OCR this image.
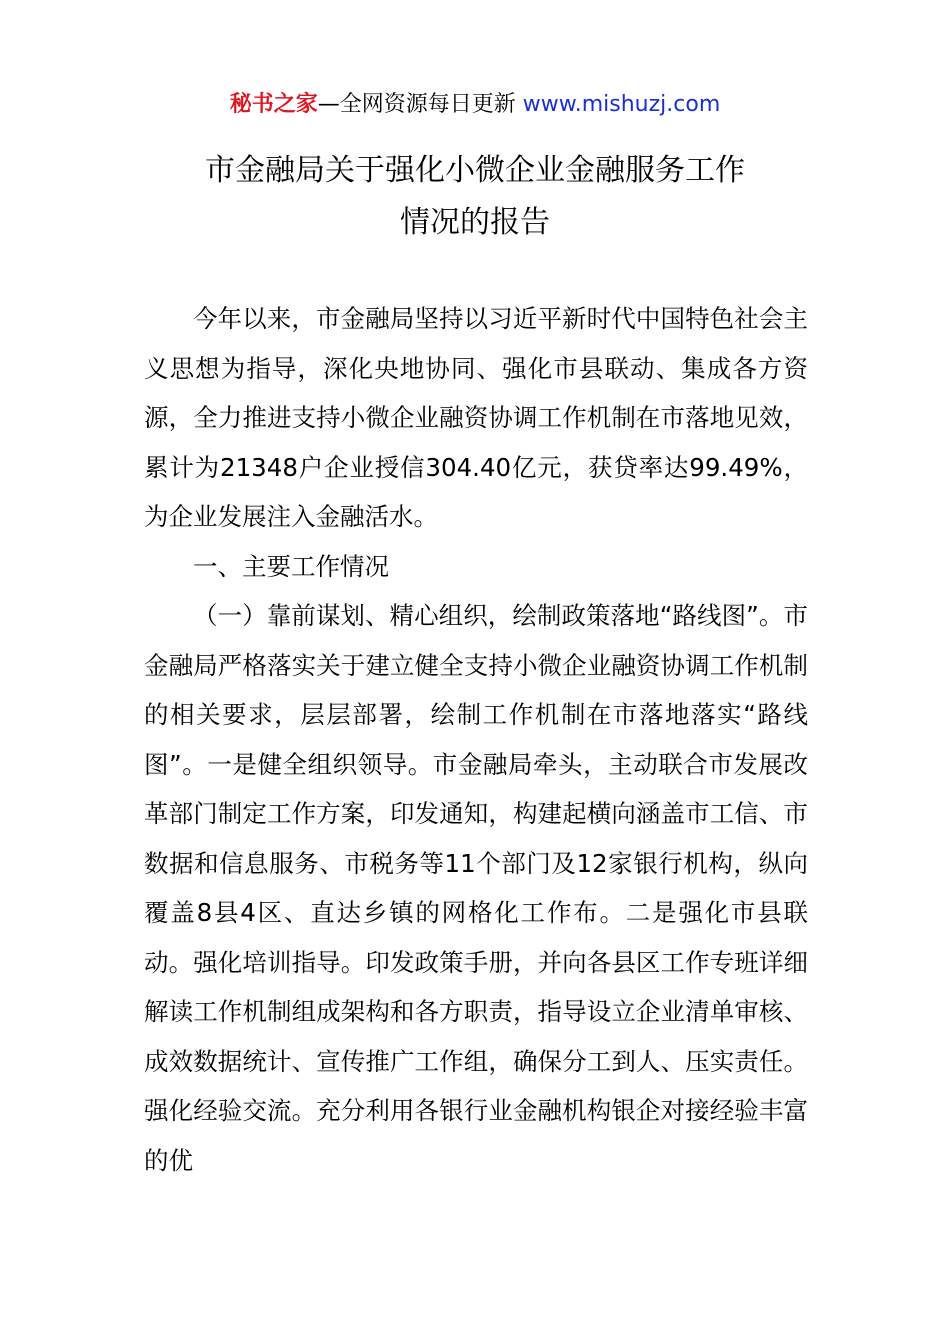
秘书之家—全网资源每日更新 www.mishuzj.com
市金融局关于强化小微企业金融服务工作
情况的报告

今年以来，市金融局坚持以习近平新时代中国特色社会主义思想为指导，深化央地协同、强化市县联动、集成各方资源，全力推进支持小微企业融资协调工作机制在市落地见效，累计为21348户企业授信304.40亿元，获贷率达99.49%，为企业发展注入金融活水。

一、主要工作情况

（一）靠前谋划、精心组织，绘制政策落地“路线图”。市金融局严格落实关于建立健全支持小微企业融资协调工作机制的相关要求，层层部署，绘制工作机制在市落地落实“路线图”。一是健全组织领导。市金融局牵头，主动联合市发展改革部门制定工作方案，印发通知，构建起横向涵盖市工信、市数据和信息服务、市税务等11个部门及12家银行机构，纵向覆盖8县4区、直达乡镇的网格化工作布。二是强化市县联动。强化培训指导。印发政策手册，并向各县区工作专班详细解读工作机制组成架构和各方职责，指导设立企业清单审核、成效数据统计、宣传推广工作组，确保分工到人、压实责任。强化经验交流。充分利用各银行业金融机构银企对接经验丰富的优
